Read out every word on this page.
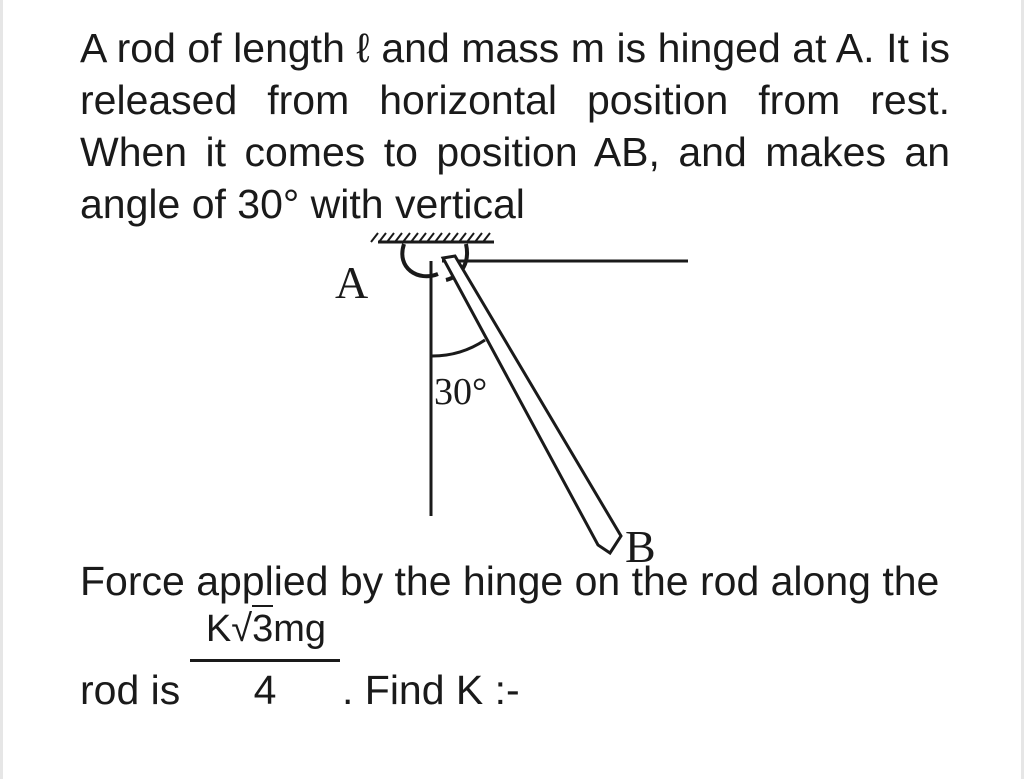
A rod of length ℓ and mass m is hinged at A. It is released from horizontal position from rest. When it comes to position AB, and makes an angle of 30° with vertical

A
B
30°
Force applied by the hinge on the rod along the
rod is
K√3mg
4	. Find K :-
